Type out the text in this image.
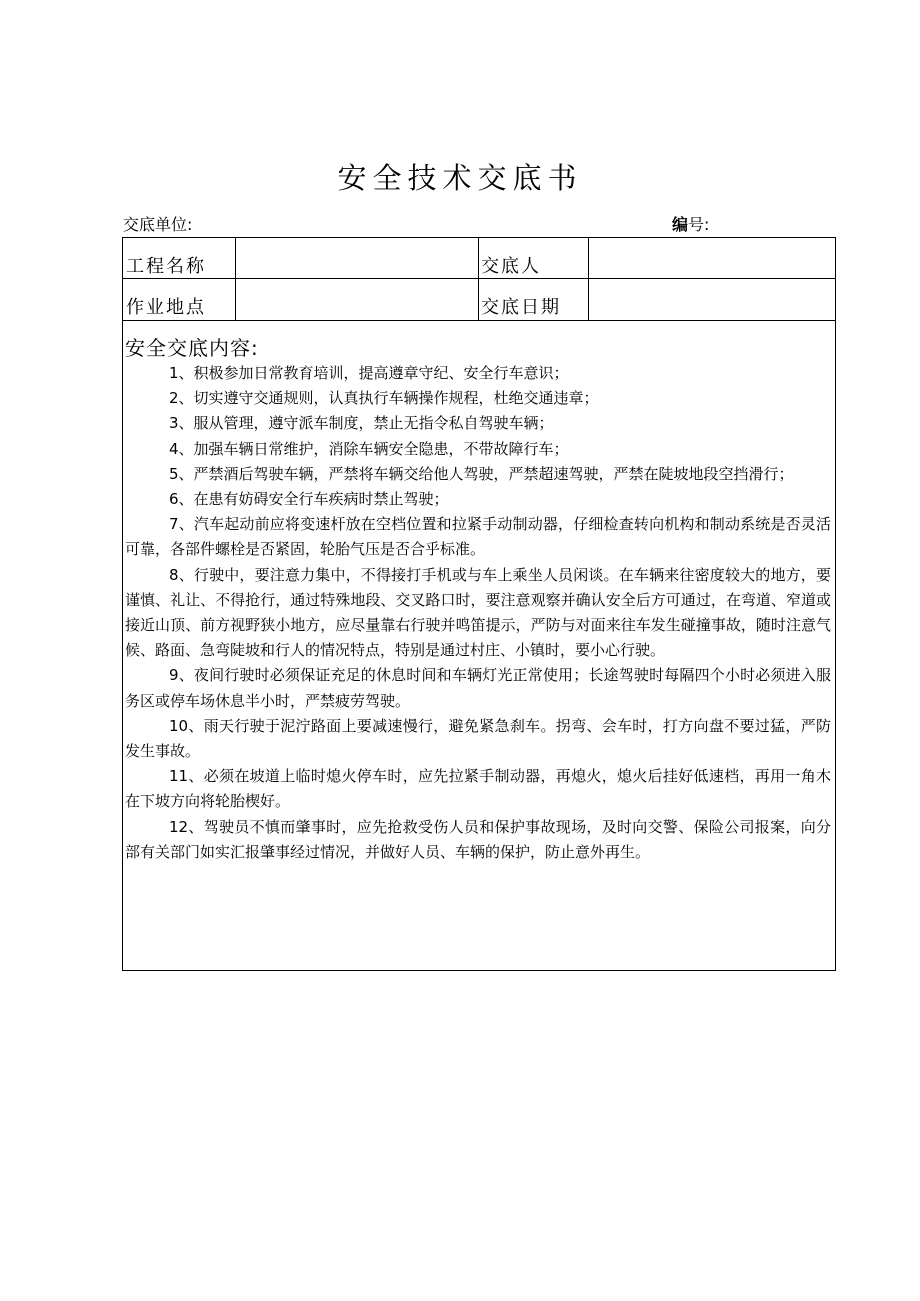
安全技术交底书
交底单位:	编号:
工程名称	交底人
作业地点	交底日期
安全交底内容:

1、积极参加日常教育培训，提高遵章守纪、安全行车意识；

2、切实遵守交通规则，认真执行车辆操作规程，杜绝交通违章；

3、服从管理，遵守派车制度，禁止无指令私自驾驶车辆；

4、加强车辆日常维护，消除车辆安全隐患，不带故障行车；

5、严禁酒后驾驶车辆，严禁将车辆交给他人驾驶，严禁超速驾驶，严禁在陡坡地段空挡滑行；

6、在患有妨碍安全行车疾病时禁止驾驶；

7、汽车起动前应将变速杆放在空档位置和拉紧手动制动器，仔细检查转向机构和制动系统是否灵活可靠，各部件螺栓是否紧固，轮胎气压是否合乎标准。

8、行驶中，要注意力集中，不得接打手机或与车上乘坐人员闲谈。在车辆来往密度较大的地方，要谨慎、礼让、不得抢行，通过特殊地段、交叉路口时，要注意观察并确认安全后方可通过，在弯道、窄道或接近山顶、前方视野狭小地方，应尽量靠右行驶并鸣笛提示，严防与对面来往车发生碰撞事故，随时注意气候、路面、急弯陡坡和行人的情况特点，特别是通过村庄、小镇时，要小心行驶。

9、夜间行驶时必须保证充足的休息时间和车辆灯光正常使用；长途驾驶时每隔四个小时必须进入服务区或停车场休息半小时，严禁疲劳驾驶。

10、雨天行驶于泥泞路面上要减速慢行，避免紧急刹车。拐弯、会车时，打方向盘不要过猛，严防发生事故。

11、必须在坡道上临时熄火停车时，应先拉紧手制动器，再熄火，熄火后挂好低速档，再用一角木在下坡方向将轮胎楔好。

12、驾驶员不慎而肇事时，应先抢救受伤人员和保护事故现场，及时向交警、保险公司报案，向分部有关部门如实汇报肇事经过情况，并做好人员、车辆的保护，防止意外再生。
